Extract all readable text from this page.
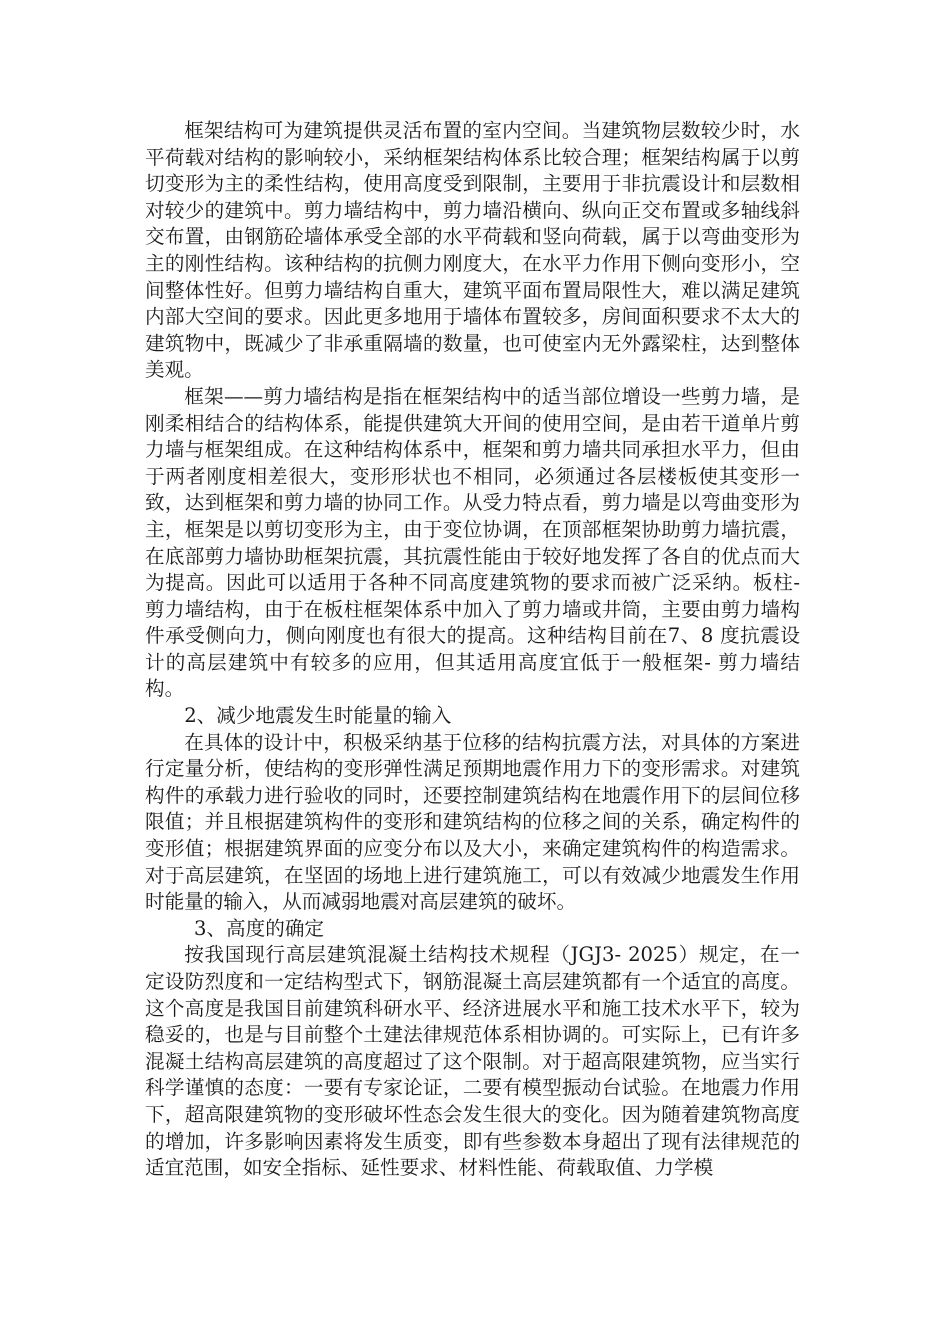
框架结构可为建筑提供灵活布置的室内空间。当建筑物层数较少时，水平荷载对结构的影响较小，采纳框架结构体系比较合理；框架结构属于以剪切变形为主的柔性结构，使用高度受到限制，主要用于非抗震设计和层数相对较少的建筑中。剪力墙结构中，剪力墙沿横向、纵向正交布置或多轴线斜交布置，由钢筋砼墙体承受全部的水平荷载和竖向荷载，属于以弯曲变形为主的刚性结构。该种结构的抗侧力刚度大，在水平力作用下侧向变形小，空间整体性好。但剪力墙结构自重大，建筑平面布置局限性大，难以满足建筑内部大空间的要求。因此更多地用于墙体布置较多，房间面积要求不太大的建筑物中，既减少了非承重隔墙的数量，也可使室内无外露梁柱，达到整体美观。

框架——剪力墙结构是指在框架结构中的适当部位增设一些剪力墙，是刚柔相结合的结构体系，能提供建筑大开间的使用空间，是由若干道单片剪力墙与框架组成。在这种结构体系中，框架和剪力墙共同承担水平力，但由于两者刚度相差很大，变形形状也不相同，必须通过各层楼板使其变形一致，达到框架和剪力墙的协同工作。从受力特点看，剪力墙是以弯曲变形为主，框架是以剪切变形为主，由于变位协调，在顶部框架协助剪力墙抗震，在底部剪力墙协助框架抗震，其抗震性能由于较好地发挥了各自的优点而大为提高。因此可以适用于各种不同高度建筑物的要求而被广泛采纳。板柱- 剪力墙结构，由于在板柱框架体系中加入了剪力墙或井筒，主要由剪力墙构件承受侧向力，侧向刚度也有很大的提高。这种结构目前在7、8 度抗震设计的高层建筑中有较多的应用，但其适用高度宜低于一般框架- 剪力墙结构。

2、减少地震发生时能量的输入

在具体的设计中，积极采纳基于位移的结构抗震方法，对具体的方案进行定量分析，使结构的变形弹性满足预期地震作用力下的变形需求。对建筑构件的承载力进行验收的同时，还要控制建筑结构在地震作用下的层间位移限值；并且根据建筑构件的变形和建筑结构的位移之间的关系，确定构件的变形值；根据建筑界面的应变分布以及大小，来确定建筑构件的构造需求。对于高层建筑，在坚固的场地上进行建筑施工，可以有效减少地震发生作用时能量的输入，从而减弱地震对高层建筑的破坏。

3、高度的确定

按我国现行高层建筑混凝土结构技术规程（JGJ3- 2025）规定，在一定设防烈度和一定结构型式下，钢筋混凝土高层建筑都有一个适宜的高度。这个高度是我国目前建筑科研水平、经济进展水平和施工技术水平下，较为稳妥的，也是与目前整个土建法律规范体系相协调的。可实际上，已有许多混凝土结构高层建筑的高度超过了这个限制。对于超高限建筑物，应当实行科学谨慎的态度：一要有专家论证，二要有模型振动台试验。在地震力作用下，超高限建筑物的变形破坏性态会发生很大的变化。因为随着建筑物高度的增加，许多影响因素将发生质变，即有些参数本身超出了现有法律规范的适宜范围，如安全指标、延性要求、材料性能、荷载取值、力学模
